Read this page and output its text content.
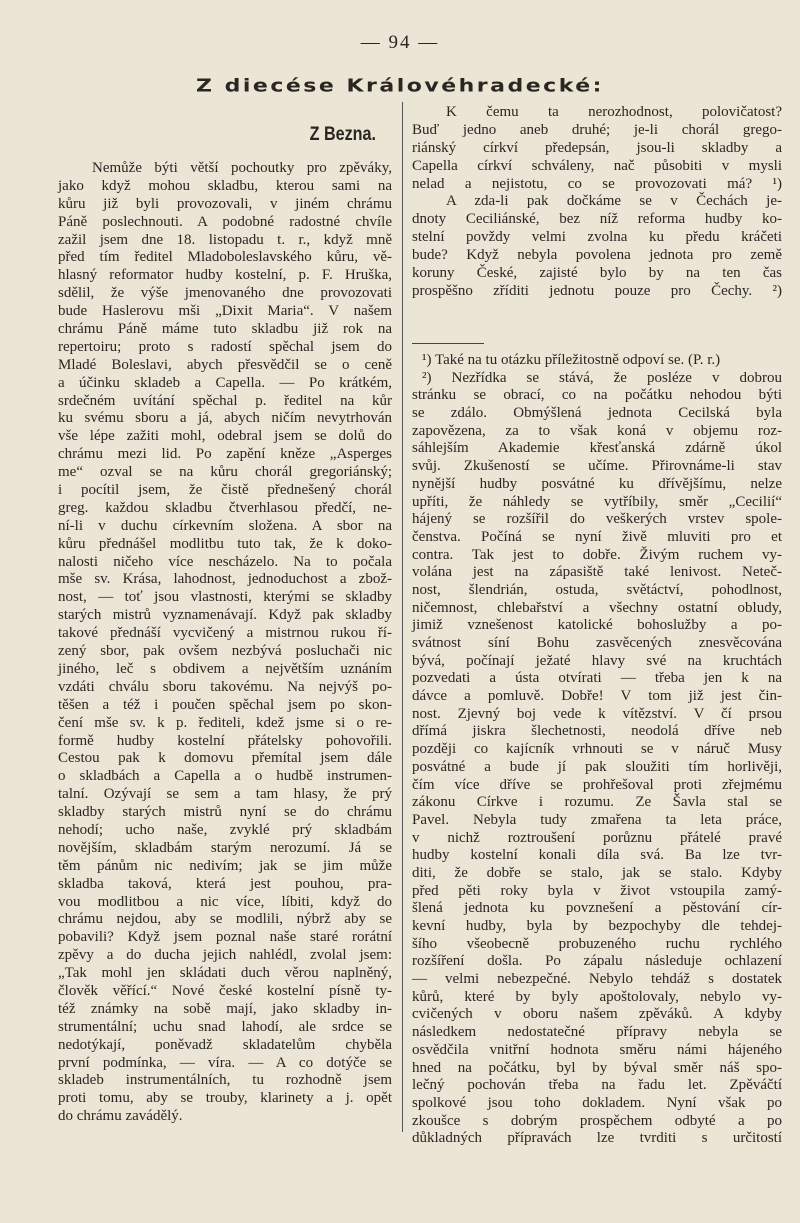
— 94 —
Z diecése Královéhradecké:
Z Bezna.
Nemůže býti větší pochoutky pro zpěváky,
jako když mohou skladbu, kterou sami na
kůru již byli provozovali, v jiném chrámu
Páně poslechnouti. A podobné radostné chvíle
zažil jsem dne 18. listopadu t. r., když mně
před tím ředitel Mladoboleslavského kůru, vě-
hlasný reformator hudby kostelní, p. F. Hruška,
sdělil, že výše jmenovaného dne provozovati
bude Haslerovu mši „Dixit Maria“. V našem
chrámu Páně máme tuto skladbu již rok na
repertoiru; proto s radostí spěchal jsem do
Mladé Boleslavi, abych přesvědčil se o ceně
a účinku skladeb a Capella. — Po krátkém,
srdečném uvítání spěchal p. ředitel na kůr
ku svému sboru a já, abych ničím nevytrhován
vše lépe zažiti mohl, odebral jsem se dolů do
chrámu mezi lid. Po zapění kněze „Asperges
me“ ozval se na kůru chorál gregoriánský;
i pocítil jsem, že čistě přednešený chorál
greg. každou skladbu čtverhlasou předčí, ne-
ní-li v duchu církevním složena. A sbor na
kůru přednášel modlitbu tuto tak, že k doko-
nalosti ničeho více nescházelo. Na to počala
mše sv. Krása, lahodnost, jednoduchost a zbož-
nost, — toť jsou vlastnosti, kterými se skladby
starých mistrů vyznamenávají. Když pak skladby
takové přednáší vycvičený a mistrnou rukou ří-
zený sbor, pak ovšem nezbývá posluchači nic
jiného, leč s obdivem a největším uznáním
vzdáti chválu sboru takovému. Na nejvýš po-
těšen a též i poučen spěchal jsem po skon-
čení mše sv. k p. řediteli, kdež jsme si o re-
formě hudby kostelní přátelsky pohovořili.
Cestou pak k domovu přemítal jsem dále
o skladbách a Capella a o hudbě instrumen-
talní. Ozývají se sem a tam hlasy, že prý
skladby starých mistrů nyní se do chrámu
nehodí; ucho naše, zvyklé prý skladbám
novějším, skladbám starým nerozumí. Já se
těm pánům nic nedivím; jak se jim může
skladba taková, která jest pouhou, pra-
vou modlitbou a nic více, líbiti, když do
chrámu nejdou, aby se modlili, nýbrž aby se
pobavili? Když jsem poznal naše staré rorátní
zpěvy a do ducha jejich nahlédl, zvolal jsem:
„Tak mohl jen skládati duch věrou naplněný,
člověk věřící.“ Nové české kostelní písně ty-
též známky na sobě mají, jako skladby in-
strumentální; uchu snad lahodí, ale srdce se
nedotýkají, poněvadž skladatelům chyběla
první podmínka, — víra. — A co dotýče se
skladeb instrumentálních, tu rozhodně jsem
proti tomu, aby se trouby, klarinety a j. opět
do chrámu zavádělý.
K čemu ta nerozhodnost, polovičatost?
Buď jedno aneb druhé; je-li chorál grego-
riánský církví předepsán, jsou-li skladby a
Capella církví schváleny, nač působiti v mysli
nelad a nejistotu, co se provozovati má? ¹)
A zda-li pak dočkáme se v Čechách je-
dnoty Ceciliánské, bez níž reforma hudby ko-
stelní povždy velmi zvolna ku předu kráčeti
bude? Když nebyla povolena jednota pro země
koruny České, zajisté bylo by na ten čas
prospěšno zříditi jednotu pouze pro Čechy. ²)
¹) Také na tu otázku příležitostně odpoví se. (P. r.)
²) Nezřídka se stává, že posléze v dobrou
stránku se obrací, co na počátku nehodou býti
se zdálo. Obmýšlená jednota Cecilská byla
zapovězena, za to však koná v objemu roz-
sáhlejším Akademie křesťanská zdárně úkol
svůj. Zkušeností se učíme. Přirovnáme-li stav
nynější hudby posvátné ku dřívějšímu, nelze
upříti, že náhledy se vytříbily, směr „Cecilií“
hájený se rozšířil do veškerých vrstev spole-
čenstva. Počíná se nyní živě mluviti pro et
contra. Tak jest to dobře. Živým ruchem vy-
volána jest na zápasiště také lenivost. Neteč-
nost, šlendrián, ostuda, světáctví, pohodlnost,
ničemnost, chlebařství a všechny ostatní obludy,
jimiž vznešenost katolické bohoslužby a po-
svátnost síní Bohu zasvěcených znesvěcována
bývá, počínají ježaté hlavy své na kruchtách
pozvedati a ústa otvírati — třeba jen k na
dávce a pomluvě. Dobře! V tom již jest čin-
nost. Zjevný boj vede k vítězství. V čí prsou
dřímá jiskra šlechetnosti, neodolá dříve neb
později co kajícník vrhnouti se v náruč Musy
posvátné a bude jí pak sloužiti tím horlivěji,
čím více dříve se prohřešoval proti zřejmému
zákonu Církve i rozumu. Ze Šavla stal se
Pavel. Nebyla tudy zmařena ta leta práce,
v nichž roztroušení porůznu přátelé pravé
hudby kostelní konali díla svá. Ba lze tvr-
diti, že dobře se stalo, jak se stalo. Kdyby
před pěti roky byla v život vstoupila zamý-
šlená jednota ku povznešení a pěstování cír-
kevní hudby, byla by bezpochyby dle tehdej-
šího všeobecně probuzeného ruchu rychlého
rozšíření došla. Po zápalu následuje ochlazení
— velmi nebezpečné. Nebylo tehdáž s dostatek
kůrů, které by byly apoštolovaly, nebylo vy-
cvičených v oboru našem zpěváků. A kdyby
následkem nedostatečné přípravy nebyla se
osvědčila vnitřní hodnota směru námi hájeného
hned na počátku, byl by býval směr náš spo-
lečný pochován třeba na řadu let. Zpěváčtí
spolkové jsou toho dokladem. Nyní však po
zkoušce s dobrým prospěchem odbyté a po
důkladných přípravách lze tvrditi s určitostí
